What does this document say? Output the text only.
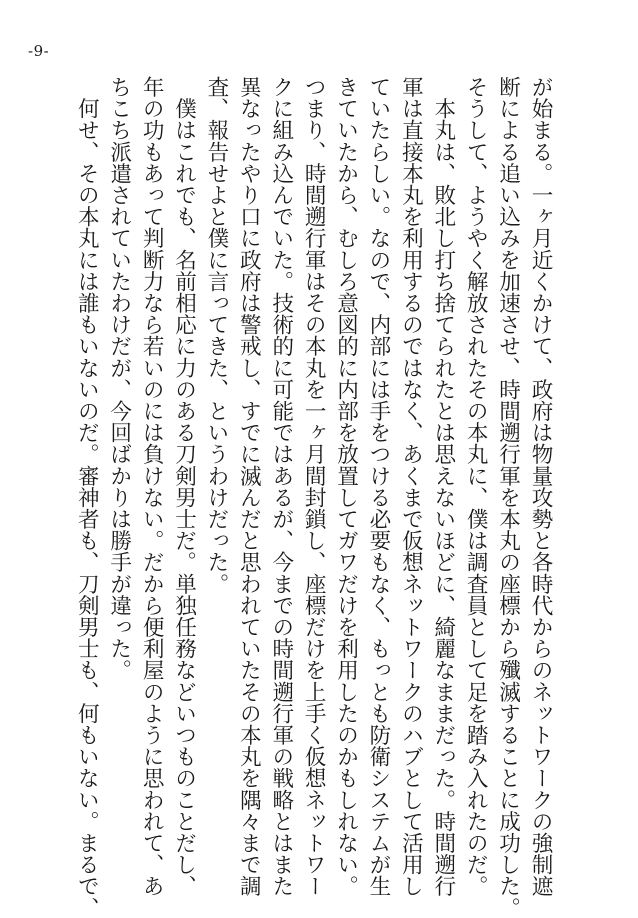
-9-
が始まる。一ヶ月近くかけて、政府は物量攻勢と各時代からのネットワークの強制遮
断による追い込みを加速させ、時間遡行軍を本丸の座標から殲滅することに成功した。
そうして、ようやく解放されたその本丸に、僕は調査員として足を踏み入れたのだ。
　本丸は、敗北し打ち捨てられたとは思えないほどに、綺麗なままだった。時間遡行
軍は直接本丸を利用するのではなく、あくまで仮想ネットワークのハブとして活用し
ていたらしい。なので、内部には手をつける必要もなく、もっとも防衛システムが生
きていたから、むしろ意図的に内部を放置してガワだけを利用したのかもしれない。
つまり、時間遡行軍はその本丸を一ヶ月間封鎖し、座標だけを上手く仮想ネットワー
クに組み込んでいた。技術的に可能ではあるが、今までの時間遡行軍の戦略とはまた
異なったやり口に政府は警戒し、すでに滅んだと思われていたその本丸を隅々まで調
査、報告せよと僕に言ってきた、というわけだった。
　僕はこれでも、名前相応に力のある刀剣男士だ。単独任務などいつものことだし、
年の功もあって判断力なら若いのには負けない。だから便利屋のように思われて、あ
ちこち派遣されていたわけだが、今回ばかりは勝手が違った。
　何せ、その本丸には誰もいないのだ。審神者も、刀剣男士も、何もいない。まるで、
